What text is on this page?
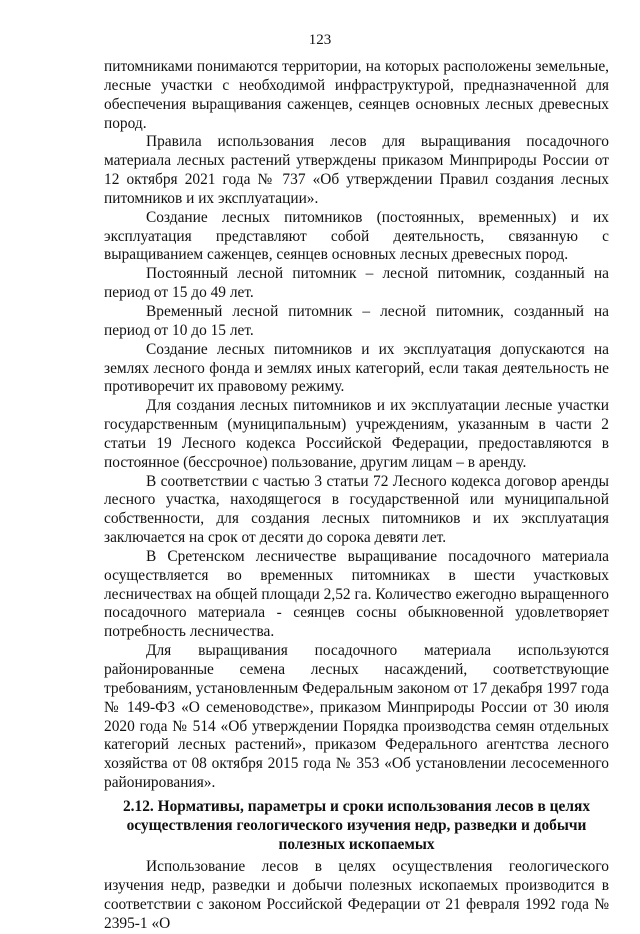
123

питомниками понимаются территории, на которых расположены земельные, лесные участки с необходимой инфраструктурой, предназначенной для обеспечения выращивания саженцев, сеянцев основных лесных древесных пород.

Правила использования лесов для выращивания посадочного материала лесных растений утверждены приказом Минприроды России от 12 октября 2021 года № 737 «Об утверждении Правил создания лесных питомников и их эксплуатации».

Создание лесных питомников (постоянных, временных) и их эксплуатация представляют собой деятельность, связанную с выращиванием саженцев, сеянцев основных лесных древесных пород.

Постоянный лесной питомник – лесной питомник, созданный на период от 15 до 49 лет.

Временный лесной питомник – лесной питомник, созданный на период от 10 до 15 лет.

Создание лесных питомников и их эксплуатация допускаются на землях лесного фонда и землях иных категорий, если такая деятельность не противоречит их правовому режиму.

Для создания лесных питомников и их эксплуатации лесные участки государственным (муниципальным) учреждениям, указанным в части 2 статьи 19 Лесного кодекса Российской Федерации, предоставляются в постоянное (бессрочное) пользование, другим лицам – в аренду.

В соответствии с частью 3 статьи 72 Лесного кодекса договор аренды лесного участка, находящегося в государственной или муниципальной собственности, для создания лесных питомников и их эксплуатация заключается на срок от десяти до сорока девяти лет.

В Сретенском лесничестве выращивание посадочного материала осуществляется во временных питомниках в шести участковых лесничествах на общей площади 2,52 га. Количество ежегодно выращенного посадочного материала - сеянцев сосны обыкновенной удовлетворяет потребность лесничества.

Для выращивания посадочного материала используются районированные семена лесных насаждений, соответствующие требованиям, установленным Федеральным законом от 17 декабря 1997 года № 149-ФЗ «О семеноводстве», приказом Минприроды России от 30 июля 2020 года № 514 «Об утверждении Порядка производства семян отдельных категорий лесных растений», приказом Федерального агентства лесного хозяйства от 08 октября 2015 года № 353 «Об установлении лесосеменного районирования».

2.12. Нормативы, параметры и сроки использования лесов в целях осуществления геологического изучения недр, разведки и добычи полезных ископаемых

Использование лесов в целях осуществления геологического изучения недр, разведки и добычи полезных ископаемых производится в соответствии с законом Российской Федерации от 21 февраля 1992 года № 2395-1 «О
